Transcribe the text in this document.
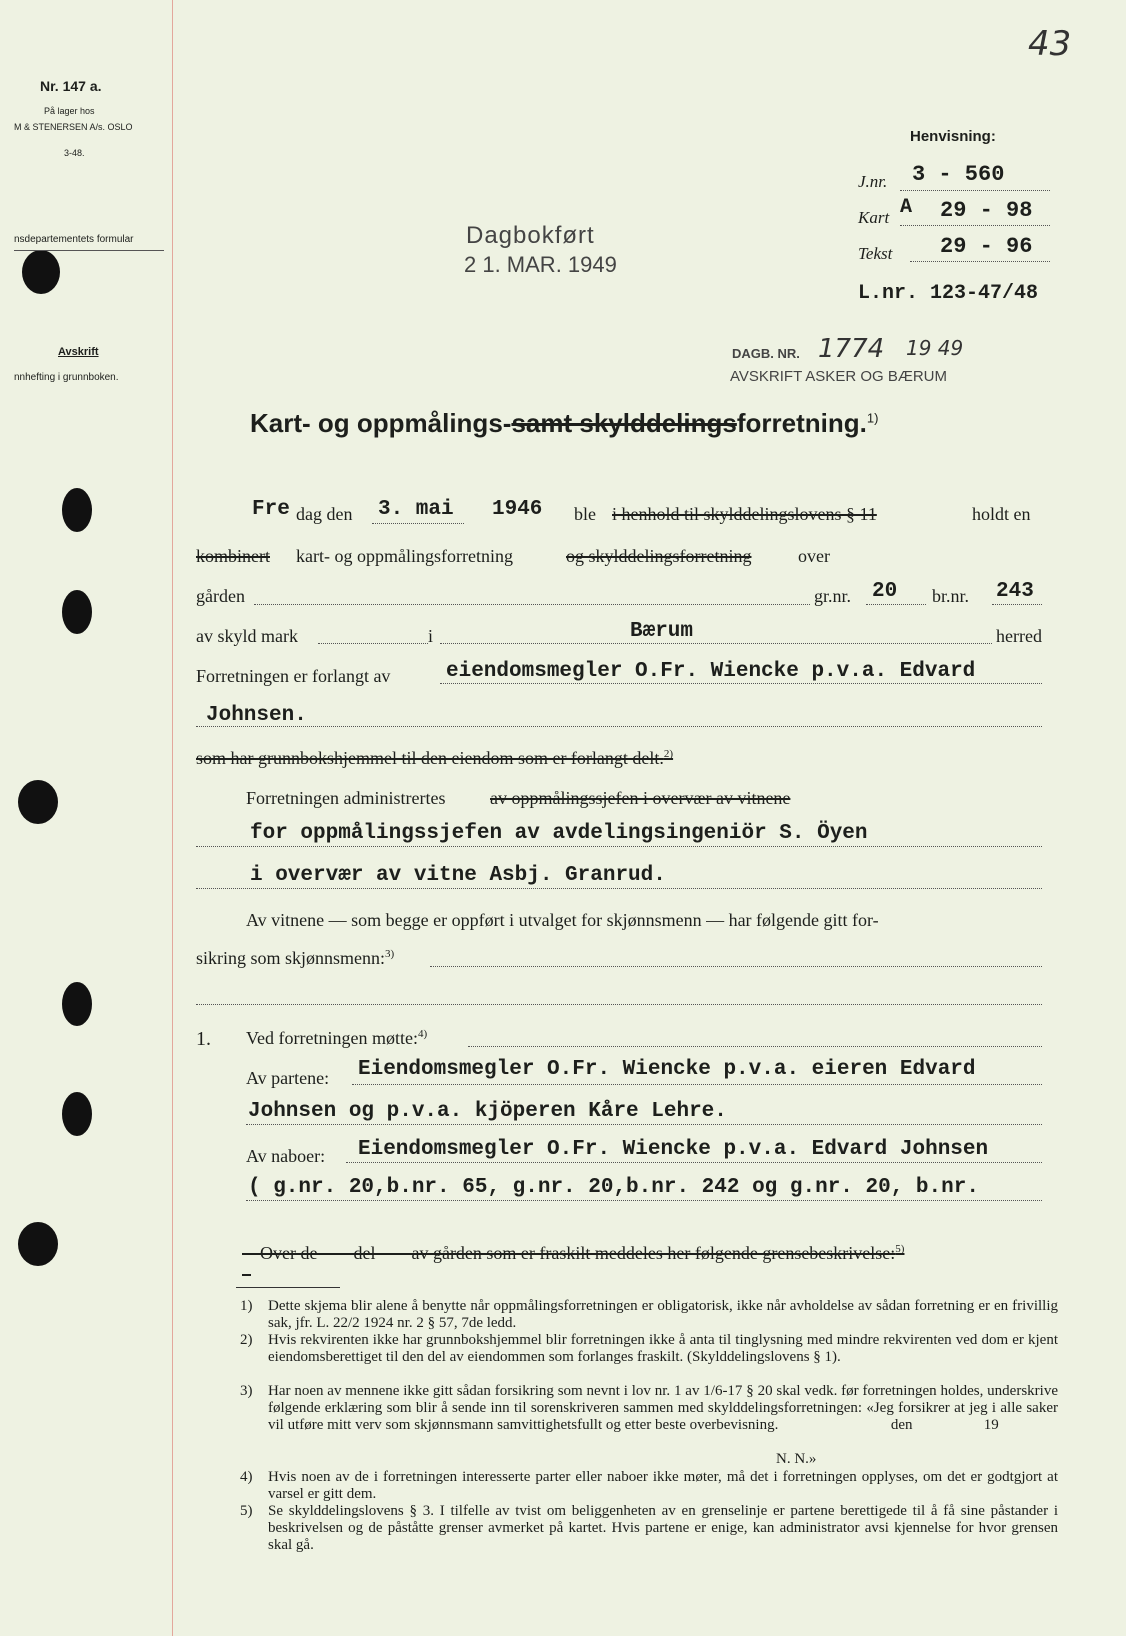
43
Nr. 147 a.
På lager hos
M & STENERSEN A/s. OSLO
3-48.
nsdepartementets formular
Avskrift
nnhefting i grunnboken.
Henvisning:
J.nr. 3 - 560
Kart A 29 - 98
Tekst 29 - 96
L.nr. 123-47/48
Dagbokført
2 1. MAR. 1949
DAGB. NR. 1774 19 49
AVSKRIFT ASKER OG BÆRUM
Kart- og oppmålings-samt skylddelingsforretning.$^{1)}$
Fre dag den 3. mai 1946 ble i henhold til skylddelingslovens § 11	holdt en
kombinert kart- og oppmålingsforretning	og skylddelingsforretning	over
gården	gr.nr. 20 br.nr. 243
av skyld mark	i	Bærum	herred
Forretningen er forlangt av	eiendomsmegler O.Fr. Wiencke p.v.a. Edvard
Johnsen.
som har grunnbokshjemmel til den eiendom som er forlangt delt.$^{2)}$
Forretningen administrertes av oppmålingssjefen i overvær av vitnene
for oppmålingssjefen av avdelingsingeniör S. Öyen
i overvær av vitne Asbj. Granrud.
Av vitnene — som begge er oppført i utvalget for skjønnsmenn — har følgende gitt for-
sikring som skjønnsmenn:$^{3)}$
1. Ved forretningen møtte:$^{4)}$
Av partene: Eiendomsmegler O.Fr. Wiencke p.v.a. eieren Edvard
Johnsen og p.v.a. kjöperen Kåre Lehre.
Av naboer: Eiendomsmegler O.Fr. Wiencke p.v.a. Edvard Johnsen
( g.nr. 20,b.nr. 65, g.nr. 20,b.nr. 242 og g.nr. 20, b.nr.

Over de        del        av gården som er fraskilt meddeles her følgende grensebeskrivelse:$^{5)}$

1) Dette skjema blir alene å benytte når oppmålingsforretningen er obligatorisk, ikke når avholdelse av sådan forretning er en frivillig sak, jfr. L. 22/2 1924 nr. 2 § 57, 7de ledd.
2) Hvis rekvirenten ikke har grunnbokshjemmel blir forretningen ikke å anta til tinglysning med mindre rekvirenten ved dom er kjent eiendomsberettiget til den del av eiendommen som forlanges fraskilt. (Skylddelingslovens § 1).
3) Har noen av mennene ikke gitt sådan forsikring som nevnt i lov nr. 1 av 1/6-17 § 20 skal vedk. før forretningen holdes, underskrive følgende erklæring som blir å sende inn til sorenskriveren sammen med skylddelingsforretningen: «Jeg forsikrer at jeg i alle saker vil utføre mitt verv som skjønnsmann samvittighetsfullt og etter beste overbevisning.                              den                   19
N. N.»
4) Hvis noen av de i forretningen interesserte parter eller naboer ikke møter, må det i forretningen opplyses, om det er godtgjort at varsel er gitt dem.
5) Se skylddelingslovens § 3. I tilfelle av tvist om beliggenheten av en grenselinje er partene berettigede til å få sine påstander i beskrivelsen og de påståtte grenser avmerket på kartet. Hvis partene er enige, kan administrator avsi kjennelse for hvor grensen skal gå.
